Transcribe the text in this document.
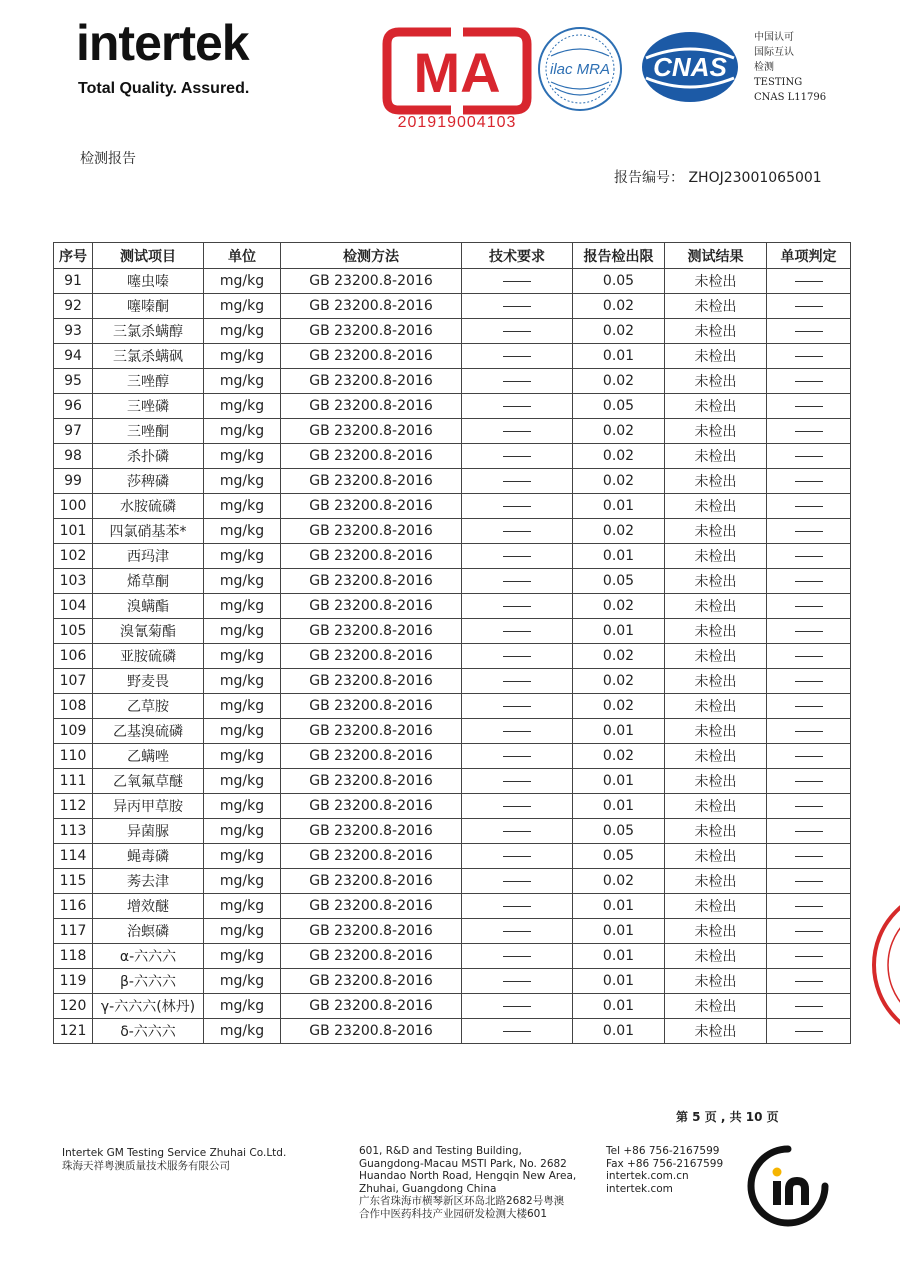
intertek
Total Quality. Assured.	MA
201919004103
ilac MRA CNAS
中国认可
国际互认
检测
TESTING
CNAS L11796
检测报告
报告编号： ZHOJ23001065001
序号	测试项目	单位	检测方法	技术要求	报告检出限	测试结果	单项判定
91	噻虫嗪	mg/kg	GB 23200.8-2016		0.05	未检出	
92	噻嗪酮	mg/kg	GB 23200.8-2016		0.02	未检出	
93	三氯杀螨醇	mg/kg	GB 23200.8-2016		0.02	未检出	
94	三氯杀螨砜	mg/kg	GB 23200.8-2016		0.01	未检出	
95	三唑醇	mg/kg	GB 23200.8-2016		0.02	未检出	
96	三唑磷	mg/kg	GB 23200.8-2016		0.05	未检出	
97	三唑酮	mg/kg	GB 23200.8-2016		0.02	未检出	
98	杀扑磷	mg/kg	GB 23200.8-2016		0.02	未检出	
99	莎稗磷	mg/kg	GB 23200.8-2016		0.02	未检出	
100	水胺硫磷	mg/kg	GB 23200.8-2016		0.01	未检出	
101	四氯硝基苯*	mg/kg	GB 23200.8-2016		0.02	未检出	
102	西玛津	mg/kg	GB 23200.8-2016		0.01	未检出	
103	烯草酮	mg/kg	GB 23200.8-2016		0.05	未检出	
104	溴螨酯	mg/kg	GB 23200.8-2016		0.02	未检出	
105	溴氰菊酯	mg/kg	GB 23200.8-2016		0.01	未检出	
106	亚胺硫磷	mg/kg	GB 23200.8-2016		0.02	未检出	
107	野麦畏	mg/kg	GB 23200.8-2016		0.02	未检出	
108	乙草胺	mg/kg	GB 23200.8-2016		0.02	未检出	
109	乙基溴硫磷	mg/kg	GB 23200.8-2016		0.01	未检出	
110	乙螨唑	mg/kg	GB 23200.8-2016		0.02	未检出	
111	乙氧氟草醚	mg/kg	GB 23200.8-2016		0.01	未检出	
112	异丙甲草胺	mg/kg	GB 23200.8-2016		0.01	未检出	
113	异菌脲	mg/kg	GB 23200.8-2016		0.05	未检出	
114	蝇毒磷	mg/kg	GB 23200.8-2016		0.05	未检出	
115	莠去津	mg/kg	GB 23200.8-2016		0.02	未检出	
116	增效醚	mg/kg	GB 23200.8-2016		0.01	未检出	
117	治螟磷	mg/kg	GB 23200.8-2016		0.01	未检出	
118	α-六六六	mg/kg	GB 23200.8-2016		0.01	未检出	
119	β-六六六	mg/kg	GB 23200.8-2016		0.01	未检出	
120	γ-六六六(林丹)	mg/kg	GB 23200.8-2016		0.01	未检出	
121	δ-六六六	mg/kg	GB 23200.8-2016		0.01	未检出	
第 5 页 , 共 10 页
Intertek GM Testing Service Zhuhai Co.Ltd.
珠海天祥粤澳质量技术服务有限公司
601, R&D and Testing Building,
Guangdong-Macau MSTI Park, No. 2682
Huandao North Road, Hengqin New Area,
Zhuhai, Guangdong China
广东省珠海市横琴新区环岛北路2682号粤澳
合作中医药科技产业园研发检测大楼601
Tel +86 756-2167599
Fax +86 756-2167599
intertek.com.cn
intertek.com
